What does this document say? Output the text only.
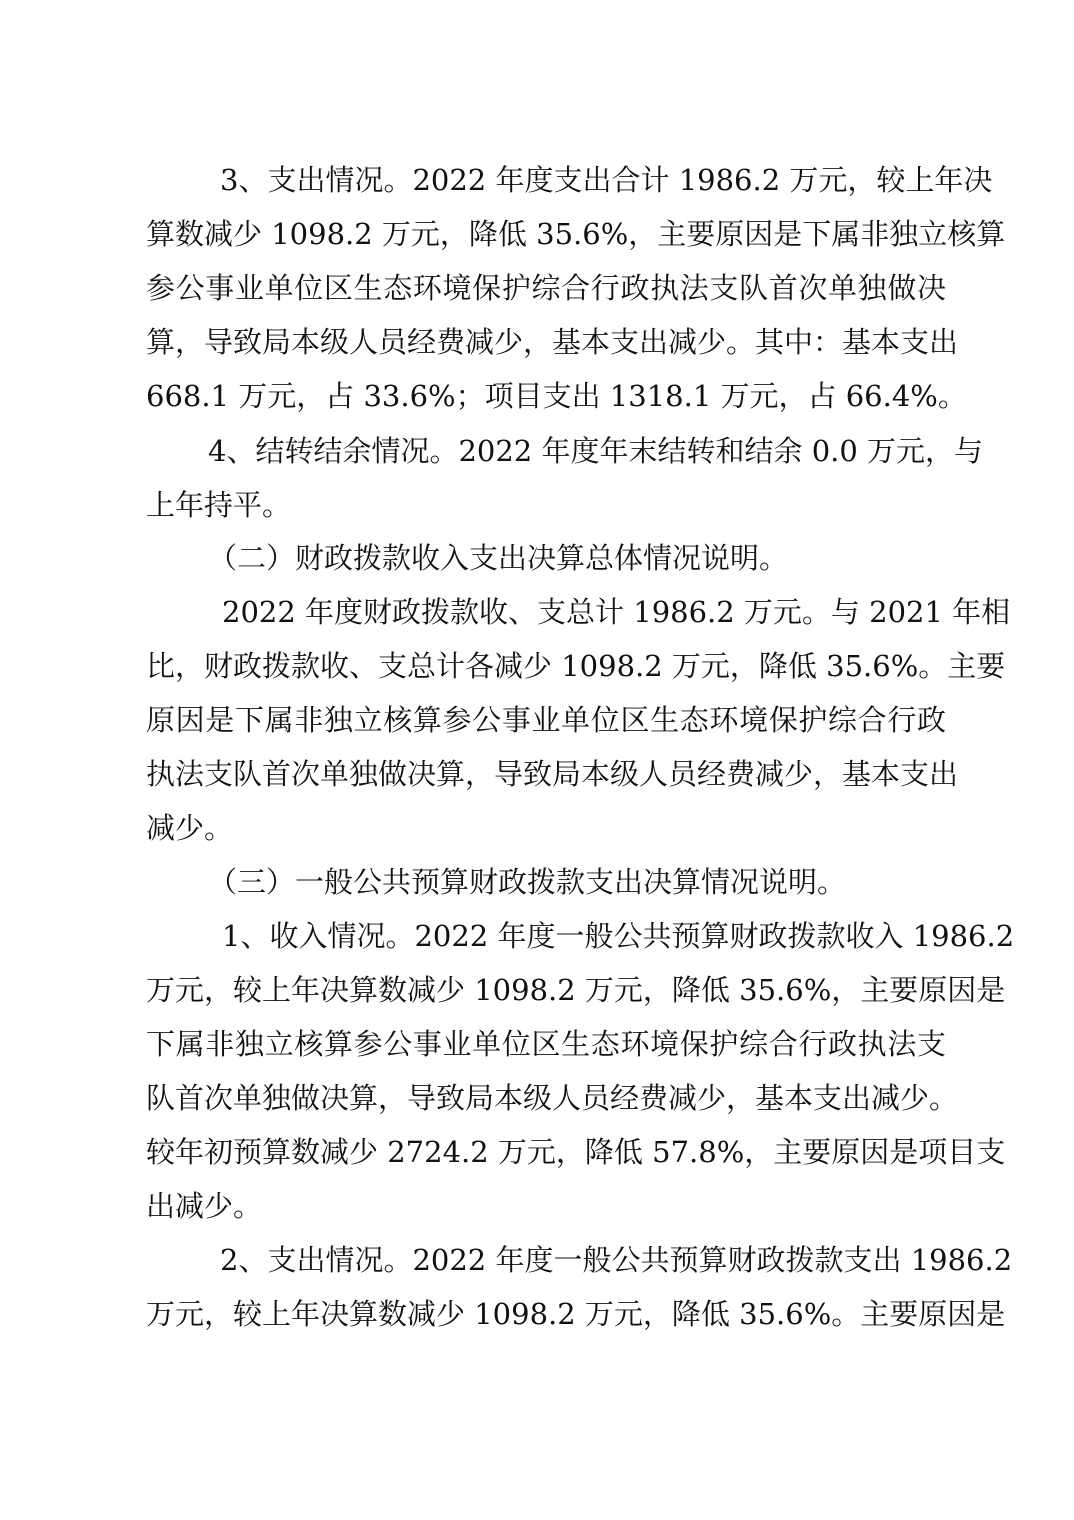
3、支出情况。2022 年度支出合计 1986.2 万元，较上年决
算数减少 1098.2 万元，降低 35.6%，主要原因是下属非独立核算
参公事业单位区生态环境保护综合行政执法支队首次单独做决
算，导致局本级人员经费减少，基本支出减少。其中：基本支出
668.1 万元，占 33.6%；项目支出 1318.1 万元，占 66.4%。
4、结转结余情况。2022 年度年末结转和结余 0.0 万元，与
上年持平。
（二）财政拨款收入支出决算总体情况说明。
2022 年度财政拨款收、支总计 1986.2 万元。与 2021 年相
比，财政拨款收、支总计各减少 1098.2 万元，降低 35.6%。主要
原因是下属非独立核算参公事业单位区生态环境保护综合行政
执法支队首次单独做决算，导致局本级人员经费减少，基本支出
减少。
（三）一般公共预算财政拨款支出决算情况说明。
1、收入情况。2022 年度一般公共预算财政拨款收入 1986.2
万元，较上年决算数减少 1098.2 万元，降低 35.6%，主要原因是
下属非独立核算参公事业单位区生态环境保护综合行政执法支
队首次单独做决算，导致局本级人员经费减少，基本支出减少。
较年初预算数减少 2724.2 万元，降低 57.8%，主要原因是项目支
出减少。
2、支出情况。2022 年度一般公共预算财政拨款支出 1986.2
万元，较上年决算数减少 1098.2 万元，降低 35.6%。主要原因是
